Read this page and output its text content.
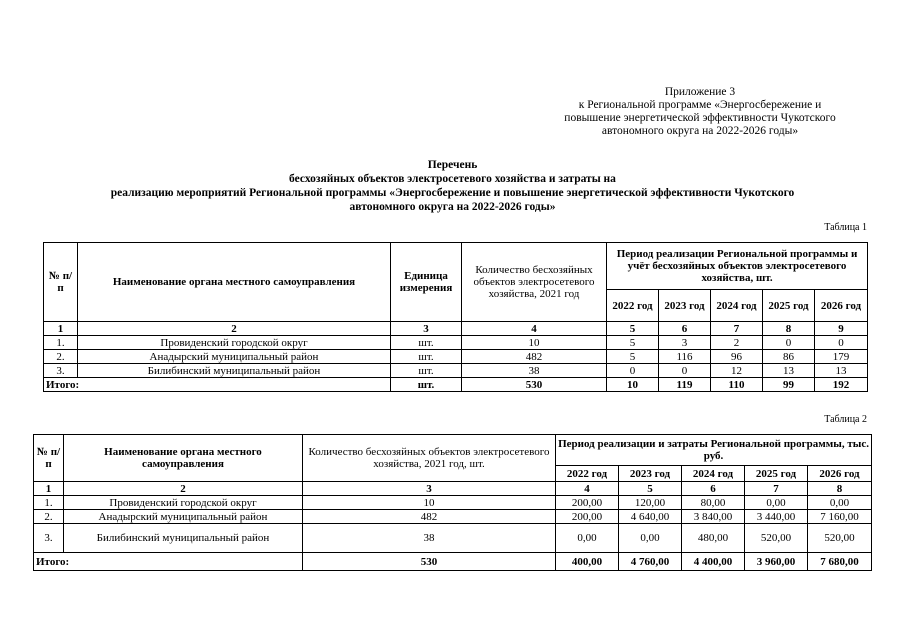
Приложение 3
к Региональной программе «Энергосбережение и
повышение энергетической эффективности Чукотского
автономного округа на 2022-2026 годы»
Перечень
бесхозяйных объектов электросетевого хозяйства и затраты на
реализацию мероприятий Региональной программы «Энергосбережение и повышение энергетической эффективности Чукотского
автономного округа на 2022-2026 годы»
Таблица 1
№ п/п	Наименование органа местного самоуправления	Единица измерения	Количество бесхозяйных объектов электросетевого хозяйства, 2021 год	Период реализации Региональной программы и учёт бесхозяйных объектов электросетевого хозяйства, шт.				
				2022 год	2023 год	2024 год	2025 год	2026 год
1	2	3	4	5	6	7	8	9
1.	Провиденский городской округ	шт.	10	5	3	2	0	0
2.	Анадырский муниципальный район	шт.	482	5	116	96	86	179
3.	Билибинский муниципальный район	шт.	38	0	0	12	13	13
Итого:		шт.	530	10	119	110	99	192
Таблица 2
№ п/п	Наименование органа местного самоуправления	Количество бесхозяйных объектов электросетевого хозяйства, 2021 год, шт.	Период реализации и затраты Региональной программы, тыс. руб.				
			2022 год	2023 год	2024 год	2025 год	2026 год
1	2	3	4	5	6	7	8
1.	Провиденский городской округ	10	200,00	120,00	80,00	0,00	0,00
2.	Анадырский муниципальный район	482	200,00	4 640,00	3 840,00	3 440,00	7 160,00
3.	Билибинский муниципальный район	38	0,00	0,00	480,00	520,00	520,00
Итого:		530	400,00	4 760,00	4 400,00	3 960,00	7 680,00
